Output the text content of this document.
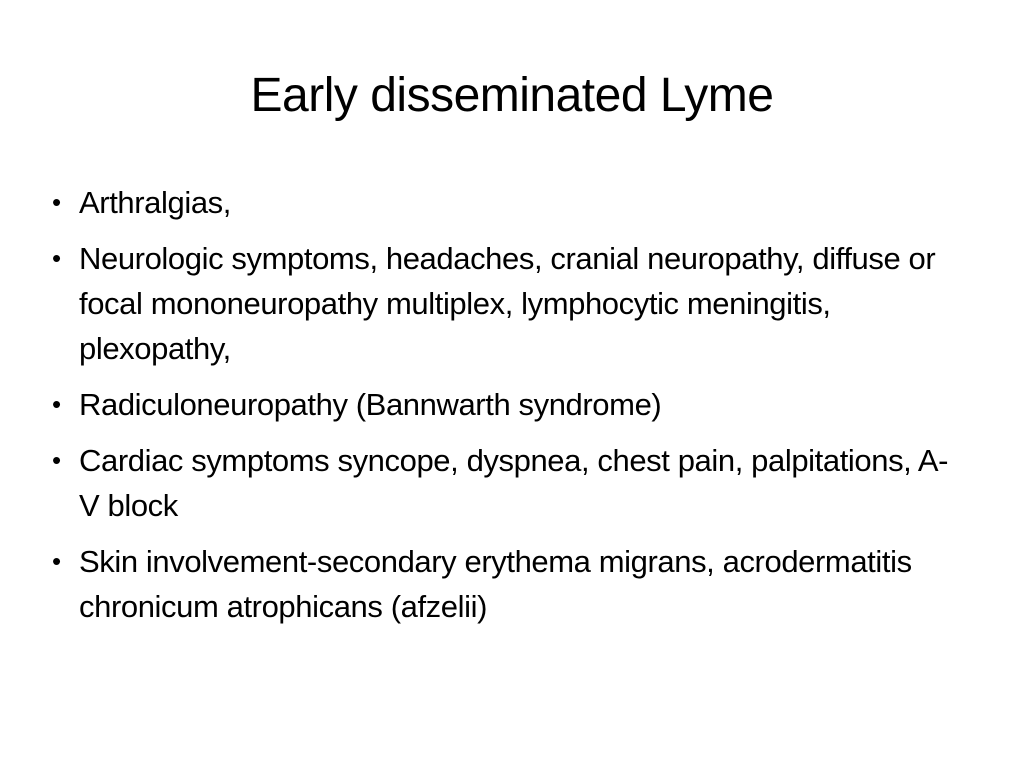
Early disseminated Lyme
• Arthralgias,
• Neurologic symptoms, headaches, cranial neuropathy, diffuse or focal mononeuropathy multiplex, lymphocytic meningitis, plexopathy,
• Radiculoneuropathy (Bannwarth syndrome)
• Cardiac symptoms syncope, dyspnea, chest pain, palpitations, A-V block
• Skin involvement-secondary erythema migrans, acrodermatitis chronicum atrophicans (afzelii)
